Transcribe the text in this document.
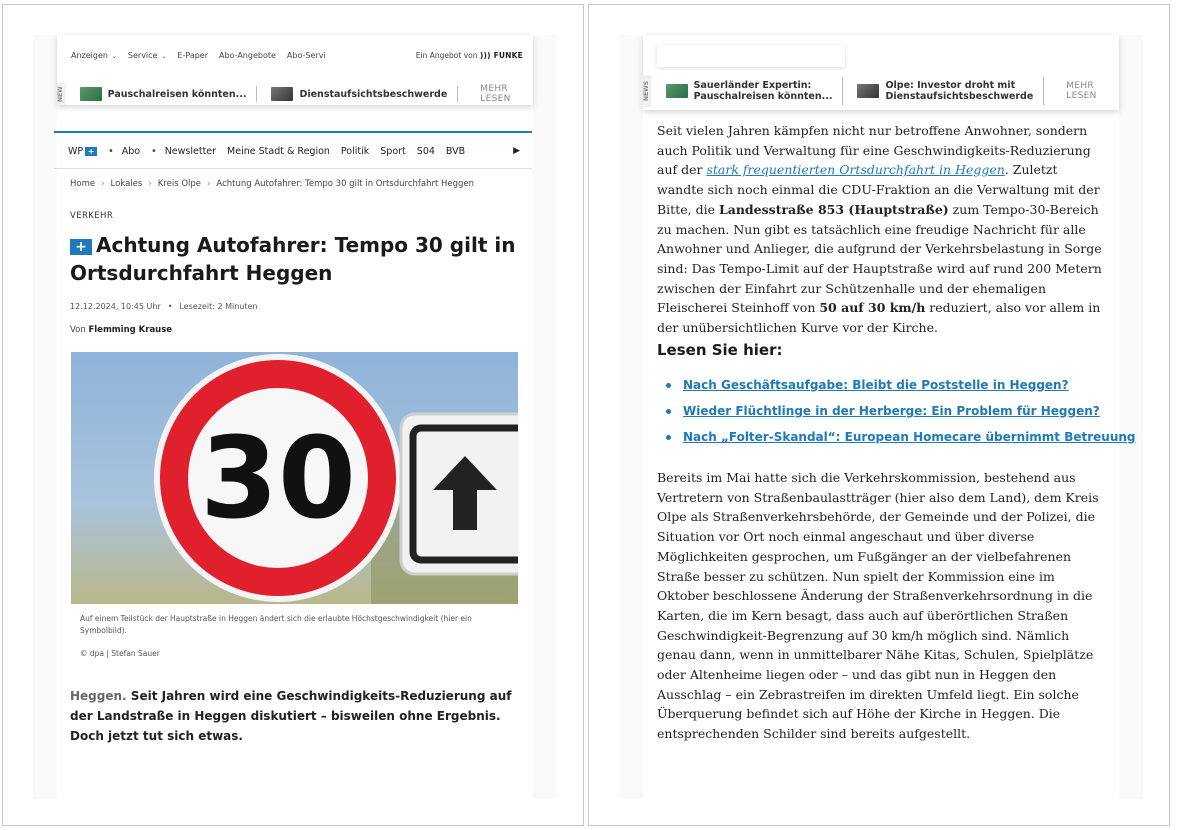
Anzeigen ⌄ Service ⌄ E-Paper Abo-Angebote Abo-Servi	Ein Angebot von ))) FUNKE
NEW	Pauschalreisen könnten...	Dienstaufsichtsbeschwerde	MEHR LESEN
WP + • Abo • Newsletter Meine Stadt & Region Politik Sport S04 BVB	▶
Home › Lokales › Kreis Olpe › Achtung Autofahrer: Tempo 30 gilt in Ortsdurchfahrt Heggen
VERKEHR
+ Achtung Autofahrer: Tempo 30 gilt in Ortsdurchfahrt Heggen
12.12.2024, 10:45 Uhr • Lesezeit: 2 Minuten
Von Flemming Krause
30
Auf einem Teilstück der Hauptstraße in Heggen ändert sich die erlaubte Höchstgeschwindigkeit (hier ein Symbolbild).
© dpa | Stefan Sauer

Heggen. Seit Jahren wird eine Geschwindigkeits-Reduzierung auf der Landstraße in Heggen diskutiert – bisweilen ohne Ergebnis. Doch jetzt tut sich etwas.

NEWS	Sauerländer Expertin:
Pauschalreisen könnten...
Olpe: Investor droht mit
Dienstaufsichtsbeschwerde
MEHR LESEN

Seit vielen Jahren kämpfen nicht nur betroffene Anwohner, sondern auch Politik und Verwaltung für eine Geschwindigkeits-Reduzierung auf der stark frequentierten Ortsdurchfahrt in Heggen. Zuletzt wandte sich noch einmal die CDU-Fraktion an die Verwaltung mit der Bitte, die Landesstraße 853 (Hauptstraße) zum Tempo-30-Bereich zu machen. Nun gibt es tatsächlich eine freudige Nachricht für alle Anwohner und Anlieger, die aufgrund der Verkehrsbelastung in Sorge sind: Das Tempo-Limit auf der Hauptstraße wird auf rund 200 Metern zwischen der Einfahrt zur Schützenhalle und der ehemaligen Fleischerei Steinhoff von 50 auf 30 km/h reduziert, also vor allem in der unübersichtlichen Kurve vor der Kirche.

Lesen Sie hier:
Nach Geschäftsaufgabe: Bleibt die Poststelle in Heggen?
Wieder Flüchtlinge in der Herberge: Ein Problem für Heggen?
Nach „Folter-Skandal“: European Homecare übernimmt Betreuung

Bereits im Mai hatte sich die Verkehrskommission, bestehend aus Vertretern von Straßenbaulastträger (hier also dem Land), dem Kreis Olpe als Straßenverkehrsbehörde, der Gemeinde und der Polizei, die Situation vor Ort noch einmal angeschaut und über diverse Möglichkeiten gesprochen, um Fußgänger an der vielbefahrenen Straße besser zu schützen. Nun spielt der Kommission eine im Oktober beschlossene Änderung der Straßenverkehrsordnung in die Karten, die im Kern besagt, dass auch auf überörtlichen Straßen Geschwindigkeit-Begrenzung auf 30 km/h möglich sind. Nämlich genau dann, wenn in unmittelbarer Nähe Kitas, Schulen, Spielplätze oder Altenheime liegen oder – und das gibt nun in Heggen den Ausschlag – ein Zebrastreifen im direkten Umfeld liegt. Ein solche Überquerung befindet sich auf Höhe der Kirche in Heggen. Die entsprechenden Schilder sind bereits aufgestellt.
